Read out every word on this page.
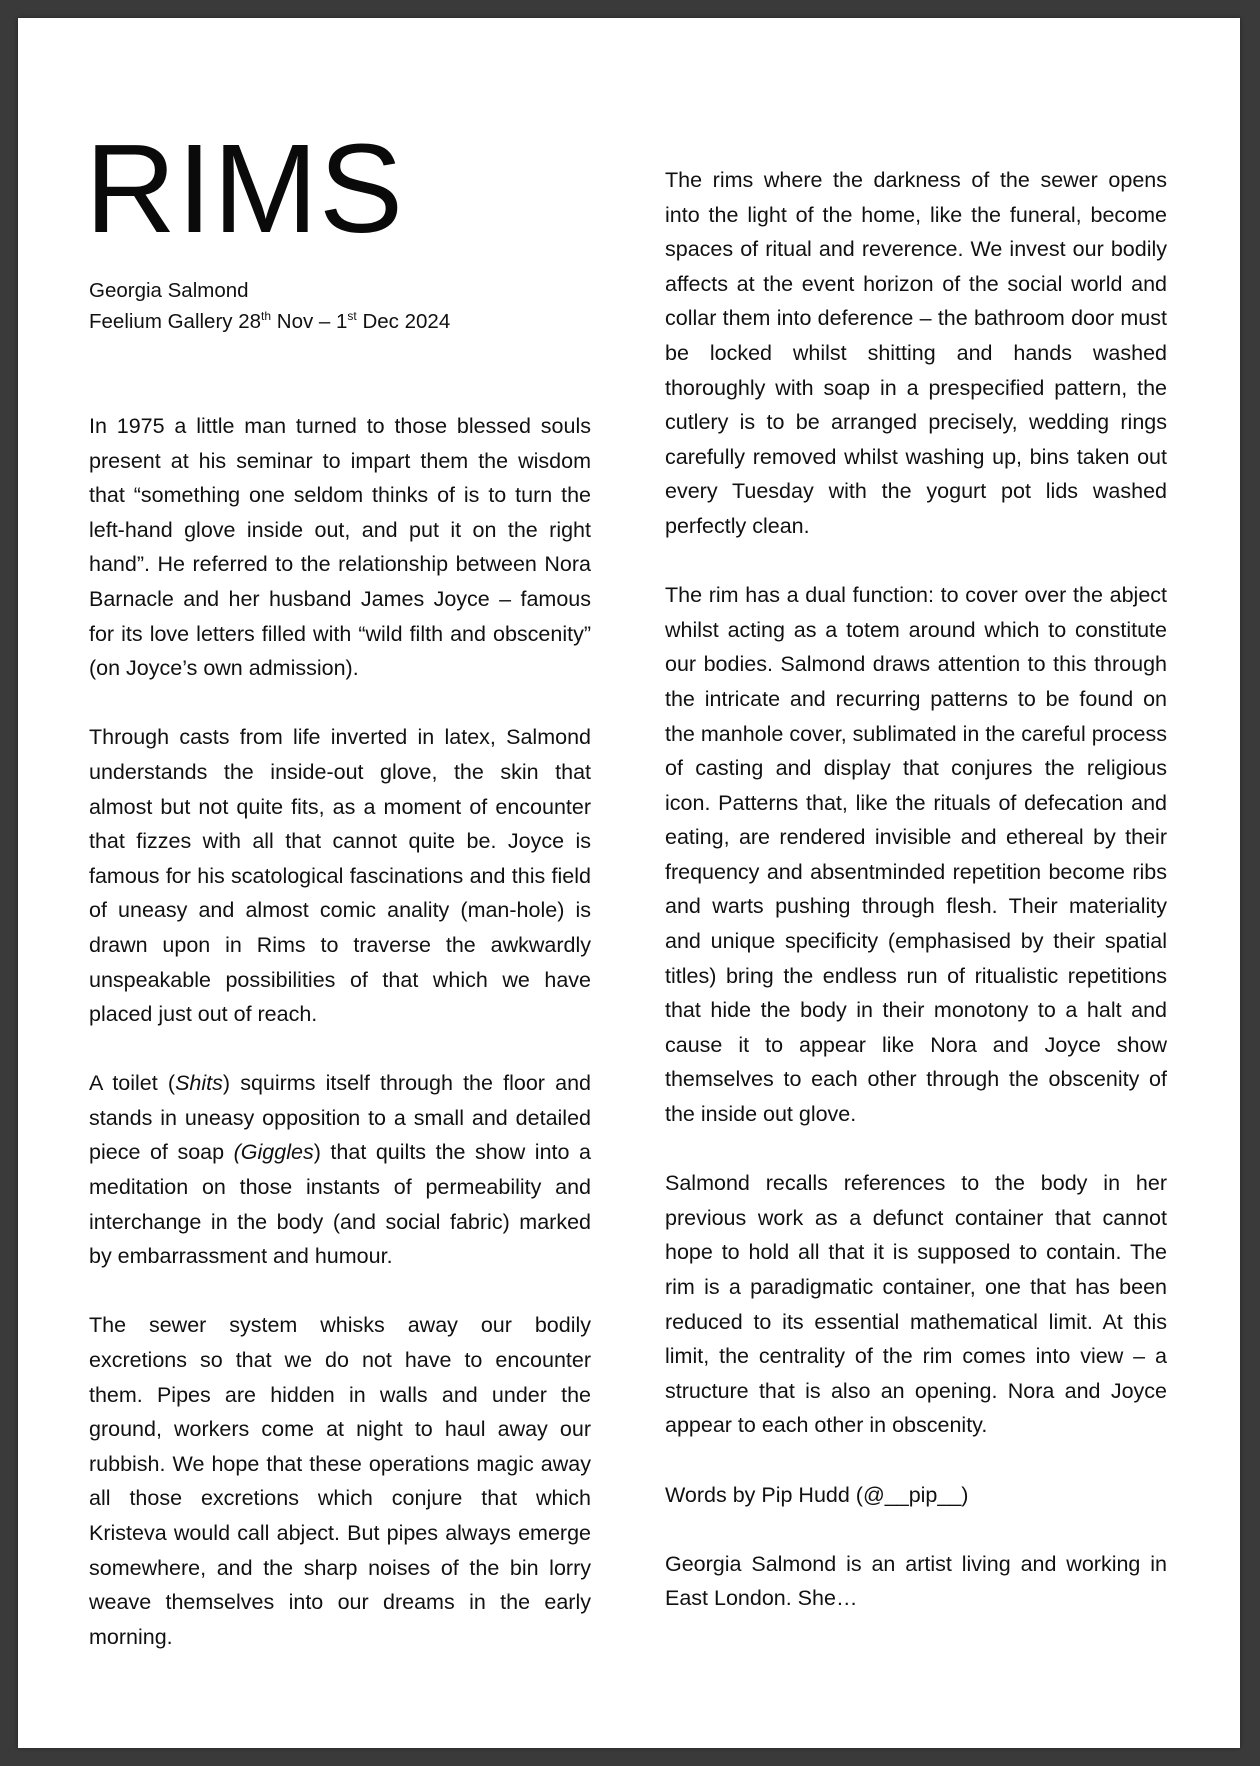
RIMS
Georgia Salmond
Feelium Gallery 28th Nov – 1st Dec 2024

In 1975 a little man turned to those blessed souls present at his seminar to impart them the wisdom that “something one seldom thinks of is to turn the left-hand glove inside out, and put it on the right hand”. He referred to the relationship between Nora Barnacle and her husband James Joyce – famous for its love letters filled with “wild filth and obscenity” (on Joyce’s own admission).

Through casts from life inverted in latex, Salmond understands the inside-out glove, the skin that almost but not quite fits, as a moment of encounter that fizzes with all that cannot quite be. Joyce is famous for his scatological fascinations and this field of uneasy and almost comic anality (man-hole) is drawn upon in Rims to traverse the awkwardly unspeakable possibilities of that which we have placed just out of reach.

A toilet (Shits) squirms itself through the floor and stands in uneasy opposition to a small and detailed piece of soap (Giggles) that quilts the show into a meditation on those instants of permeability and interchange in the body (and social fabric) marked by embarrassment and humour.

The sewer system whisks away our bodily excretions so that we do not have to encounter them. Pipes are hidden in walls and under the ground, workers come at night to haul away our rubbish. We hope that these operations magic away all those excretions which conjure that which Kristeva would call abject. But pipes always emerge somewhere, and the sharp noises of the bin lorry weave themselves into our dreams in the early morning.

The rims where the darkness of the sewer opens into the light of the home, like the funeral, become spaces of ritual and reverence. We invest our bodily affects at the event horizon of the social world and collar them into deference – the bathroom door must be locked whilst shitting and hands washed thoroughly with soap in a prespecified pattern, the cutlery is to be arranged precisely, wedding rings carefully removed whilst washing up, bins taken out every Tuesday with the yogurt pot lids washed perfectly clean.

The rim has a dual function: to cover over the abject whilst acting as a totem around which to constitute our bodies. Salmond draws attention to this through the intricate and recurring patterns to be found on the manhole cover, sublimated in the careful process of casting and display that conjures the religious icon. Patterns that, like the rituals of defecation and eating, are rendered invisible and ethereal by their frequency and absentminded repetition become ribs and warts pushing through flesh. Their materiality and unique specificity (emphasised by their spatial titles) bring the endless run of ritualistic repetitions that hide the body in their monotony to a halt and cause it to appear like Nora and Joyce show themselves to each other through the obscenity of the inside out glove.

Salmond recalls references to the body in her previous work as a defunct container that cannot hope to hold all that it is supposed to contain. The rim is a paradigmatic container, one that has been reduced to its essential mathematical limit. At this limit, the centrality of the rim comes into view – a structure that is also an opening. Nora and Joyce appear to each other in obscenity.

Words by Pip Hudd (@__pip__)

Georgia Salmond is an artist living and working in East London. She…
